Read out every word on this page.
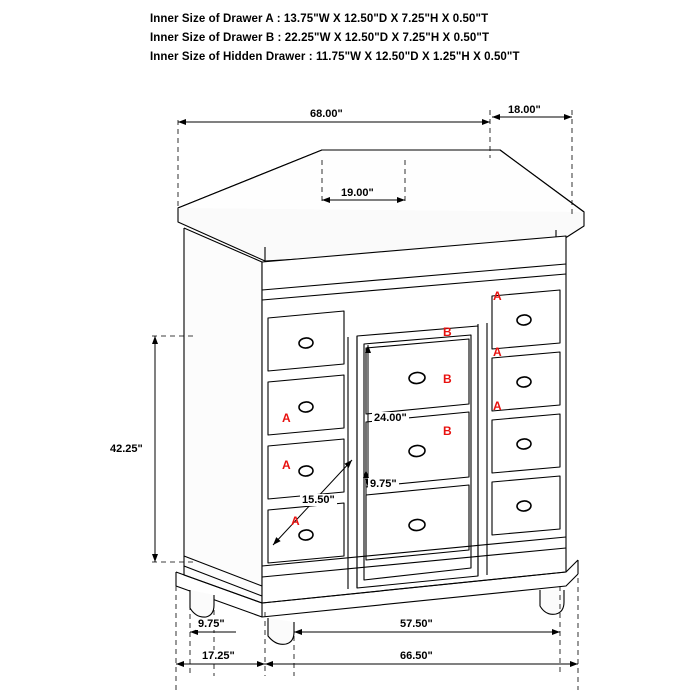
Inner Size of Drawer A : 13.75"W X 12.50"D X 7.25"H X 0.50"T
Inner Size of Drawer B : 22.25"W X 12.50"D X 7.25"H X 0.50"T
Inner Size of Hidden Drawer : 11.75"W X 12.50"D X 1.25"H X 0.50"T
68.00"	18.00"
19.00"
42.25"
24.00"
15.50"
9.75"
9.75"	57.50"
17.25"	66.50"
A
A
A
B
B
B
A
A
A
